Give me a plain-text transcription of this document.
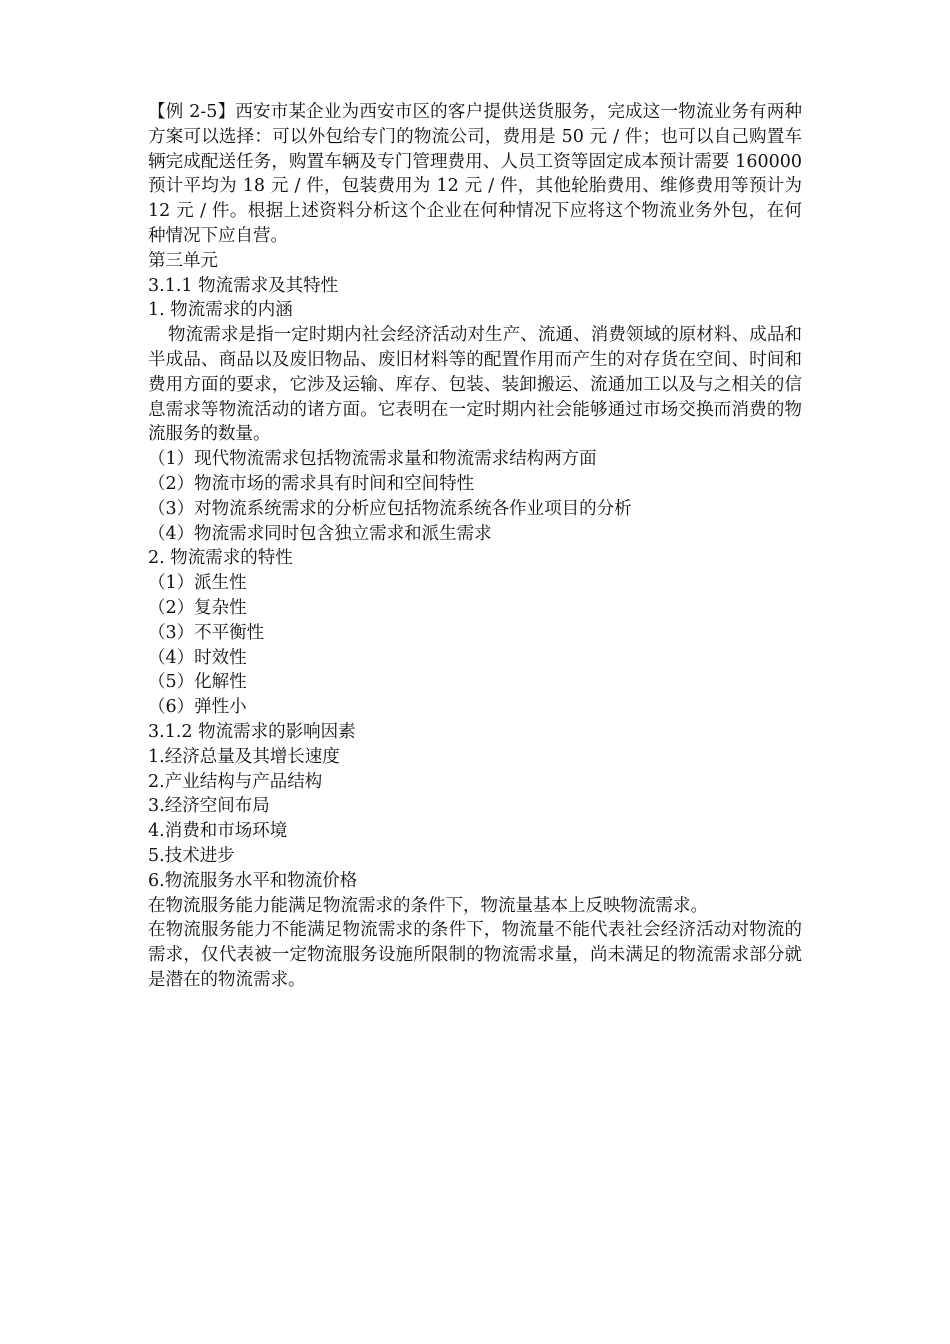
【例 2-5】西安市某企业为西安市区的客户提供送货服务，完成这一物流业务有两种方案可以选择：可以外包给专门的物流公司，费用是 50 元 / 件；也可以自己购置车辆完成配送任务，购置车辆及专门管理费用、人员工资等固定成本预计需要 160000 预计平均为 18 元 / 件，包装费用为 12 元 / 件，其他轮胎费用、维修费用等预计为 12 元 / 件。根据上述资料分析这个企业在何种情况下应将这个物流业务外包，在何种情况下应自营。
第三单元
3.1.1 物流需求及其特性
1. 物流需求的内涵
物流需求是指一定时期内社会经济活动对生产、流通、消费领域的原材料、成品和半成品、商品以及废旧物品、废旧材料等的配置作用而产生的对存货在空间、时间和费用方面的要求，它涉及运输、库存、包装、装卸搬运、流通加工以及与之相关的信息需求等物流活动的诸方面。它表明在一定时期内社会能够通过市场交换而消费的物流服务的数量。
（1）现代物流需求包括物流需求量和物流需求结构两方面
（2）物流市场的需求具有时间和空间特性
（3）对物流系统需求的分析应包括物流系统各作业项目的分析
（4）物流需求同时包含独立需求和派生需求
2. 物流需求的特性
（1）派生性
（2）复杂性
（3）不平衡性
（4）时效性
（5）化解性
（6）弹性小
3.1.2 物流需求的影响因素
1.经济总量及其增长速度
2.产业结构与产品结构
3.经济空间布局
4.消费和市场环境
5.技术进步
6.物流服务水平和物流价格
在物流服务能力能满足物流需求的条件下，物流量基本上反映物流需求。
在物流服务能力不能满足物流需求的条件下，物流量不能代表社会经济活动对物流的需求，仅代表被一定物流服务设施所限制的物流需求量，尚未满足的物流需求部分就是潜在的物流需求。
